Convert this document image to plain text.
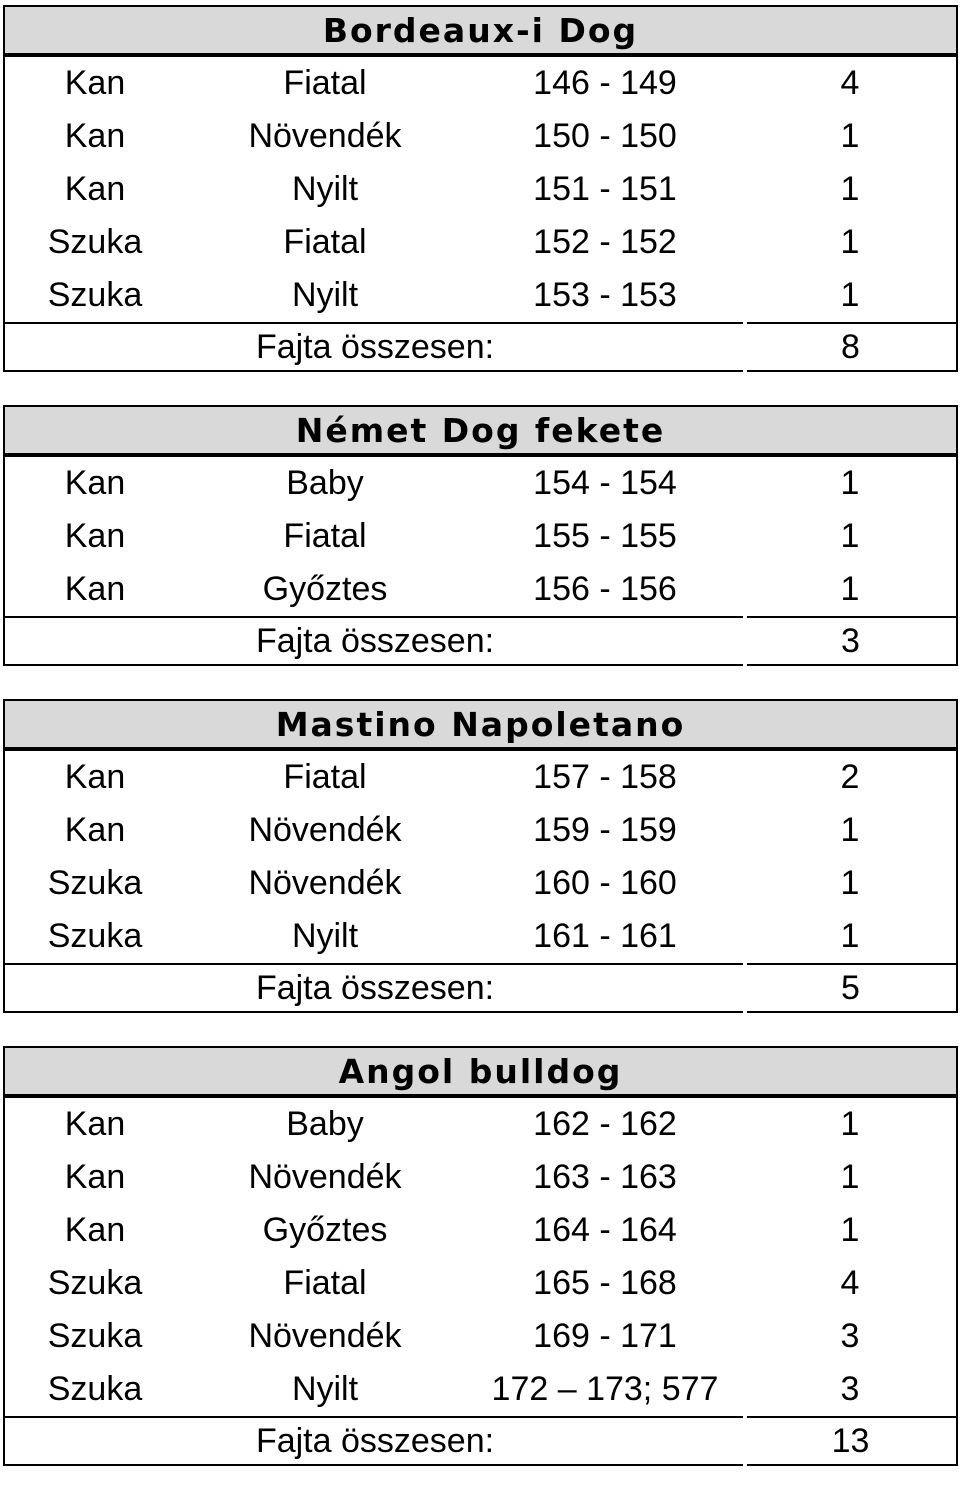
Bordeaux-i Dog
Kan	Fiatal	146 - 149	4
Kan	Növendék	150 - 150	1
Kan	Nyilt	151 - 151	1
Szuka	Fiatal	152 - 152	1
Szuka	Nyilt	153 - 153	1
Fajta összesen:	8
Német Dog fekete
Kan	Baby	154 - 154	1
Kan	Fiatal	155 - 155	1
Kan	Győztes	156 - 156	1
Fajta összesen:	3
Mastino Napoletano
Kan	Fiatal	157 - 158	2
Kan	Növendék	159 - 159	1
Szuka	Növendék	160 - 160	1
Szuka	Nyilt	161 - 161	1
Fajta összesen:	5
Angol bulldog
Kan	Baby	162 - 162	1
Kan	Növendék	163 - 163	1
Kan	Győztes	164 - 164	1
Szuka	Fiatal	165 - 168	4
Szuka	Növendék	169 - 171	3
Szuka	Nyilt	172 – 173; 577	3
Fajta összesen:	13
